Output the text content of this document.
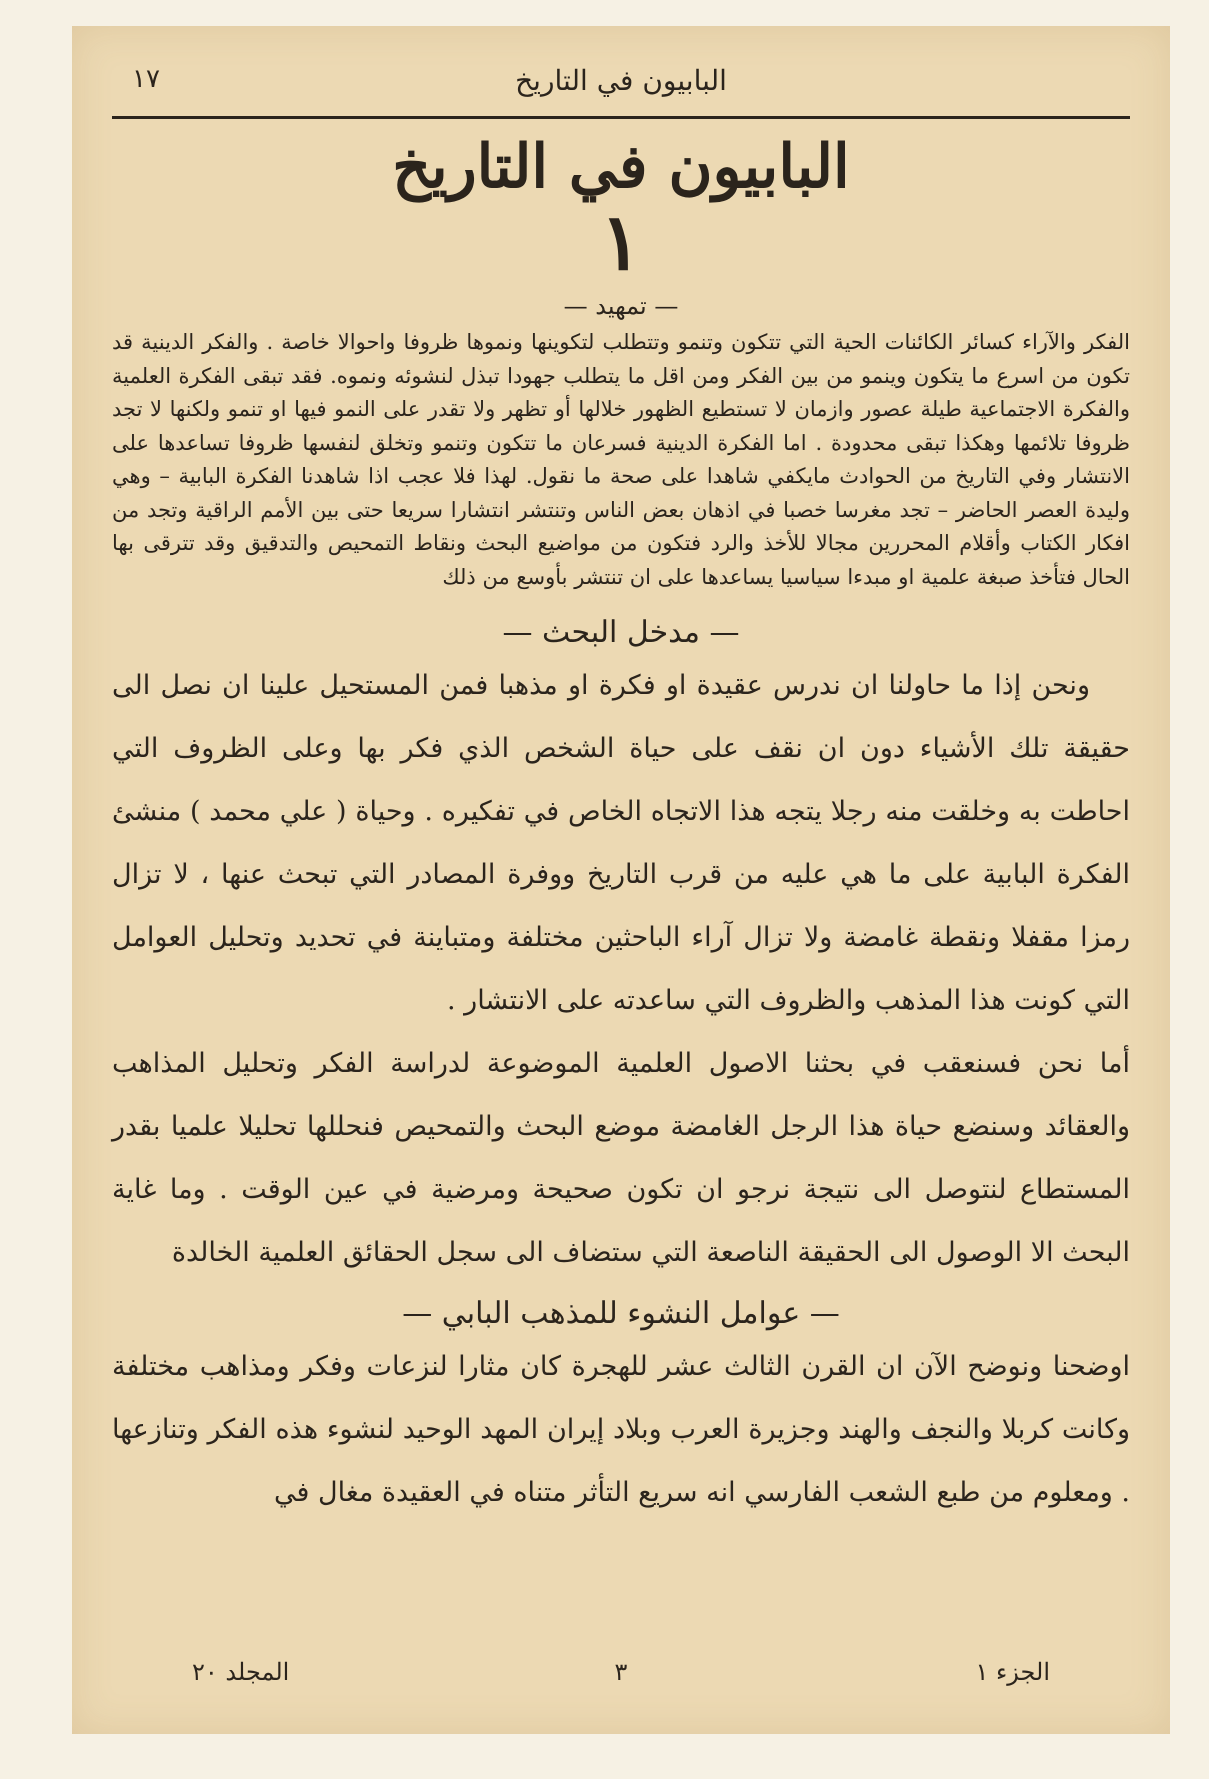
البابيون في التاريخ
١٧
البابيون في التاريخ
١
— تمهيد —

الفكر والآراء كسائر الكائنات الحية التي تتكون وتنمو وتتطلب لتكوينها ونموها ظروفا واحوالا خاصة . والفكر الدينية قد تكون من اسرع ما يتكون وينمو من بين الفكر ومن اقل ما يتطلب جهودا تبذل لنشوئه ونموه. فقد تبقى الفكرة العلمية والفكرة الاجتماعية طيلة عصور وازمان لا تستطيع الظهور خلالها أو تظهر ولا تقدر على النمو فيها او تنمو ولكنها لا تجد ظروفا تلائمها وهكذا تبقى محدودة . اما الفكرة الدينية فسرعان ما تتكون وتنمو وتخلق لنفسها ظروفا تساعدها على الانتشار وفي التاريخ من الحوادث مايكفي شاهدا على صحة ما نقول. لهذا فلا عجب اذا شاهدنا الفكرة البابية – وهي وليدة العصر الحاضر – تجد مغرسا خصبا في اذهان بعض الناس وتنتشر انتشارا سريعا حتى بين الأمم الراقية وتجد من افكار الكتاب وأقلام المحررين مجالا للأخذ والرد فتكون من مواضيع البحث ونقاط التمحيص والتدقيق وقد تترقى بها الحال فتأخذ صبغة علمية او مبدءا سياسيا يساعدها على ان تنتشر بأوسع من ذلك

— مدخل البحث —

ونحن إذا ما حاولنا ان ندرس عقيدة او فكرة او مذهبا فمن المستحيل علينا ان نصل الى حقيقة تلك الأشياء دون ان نقف على حياة الشخص الذي فكر بها وعلى الظروف التي احاطت به وخلقت منه رجلا يتجه هذا الاتجاه الخاص في تفكيره . وحياة ( علي محمد ) منشئ الفكرة البابية على ما هي عليه من قرب التاريخ ووفرة المصادر التي تبحث عنها ، لا تزال رمزا مقفلا ونقطة غامضة ولا تزال آراء الباحثين مختلفة ومتباينة في تحديد وتحليل العوامل التي كونت هذا المذهب والظروف التي ساعدته على الانتشار .

أما نحن فسنعقب في بحثنا الاصول العلمية الموضوعة لدراسة الفكر وتحليل المذاهب والعقائد وسنضع حياة هذا الرجل الغامضة موضع البحث والتمحيص فنحللها تحليلا علميا بقدر المستطاع لنتوصل الى نتيجة نرجو ان تكون صحيحة ومرضية في عين الوقت . وما غاية البحث الا الوصول الى الحقيقة الناصعة التي ستضاف الى سجل الحقائق العلمية الخالدة

— عوامل النشوء للمذهب البابي —

اوضحنا ونوضح الآن ان القرن الثالث عشر للهجرة كان مثارا لنزعات وفكر ومذاهب مختلفة وكانت كربلا والنجف والهند وجزيرة العرب وبلاد إيران المهد الوحيد لنشوء هذه الفكر وتنازعها . ومعلوم من طبع الشعب الفارسي انه سريع التأثر متناه في العقيدة مغال في

الجزء ١
٣
المجلد ٢٠
